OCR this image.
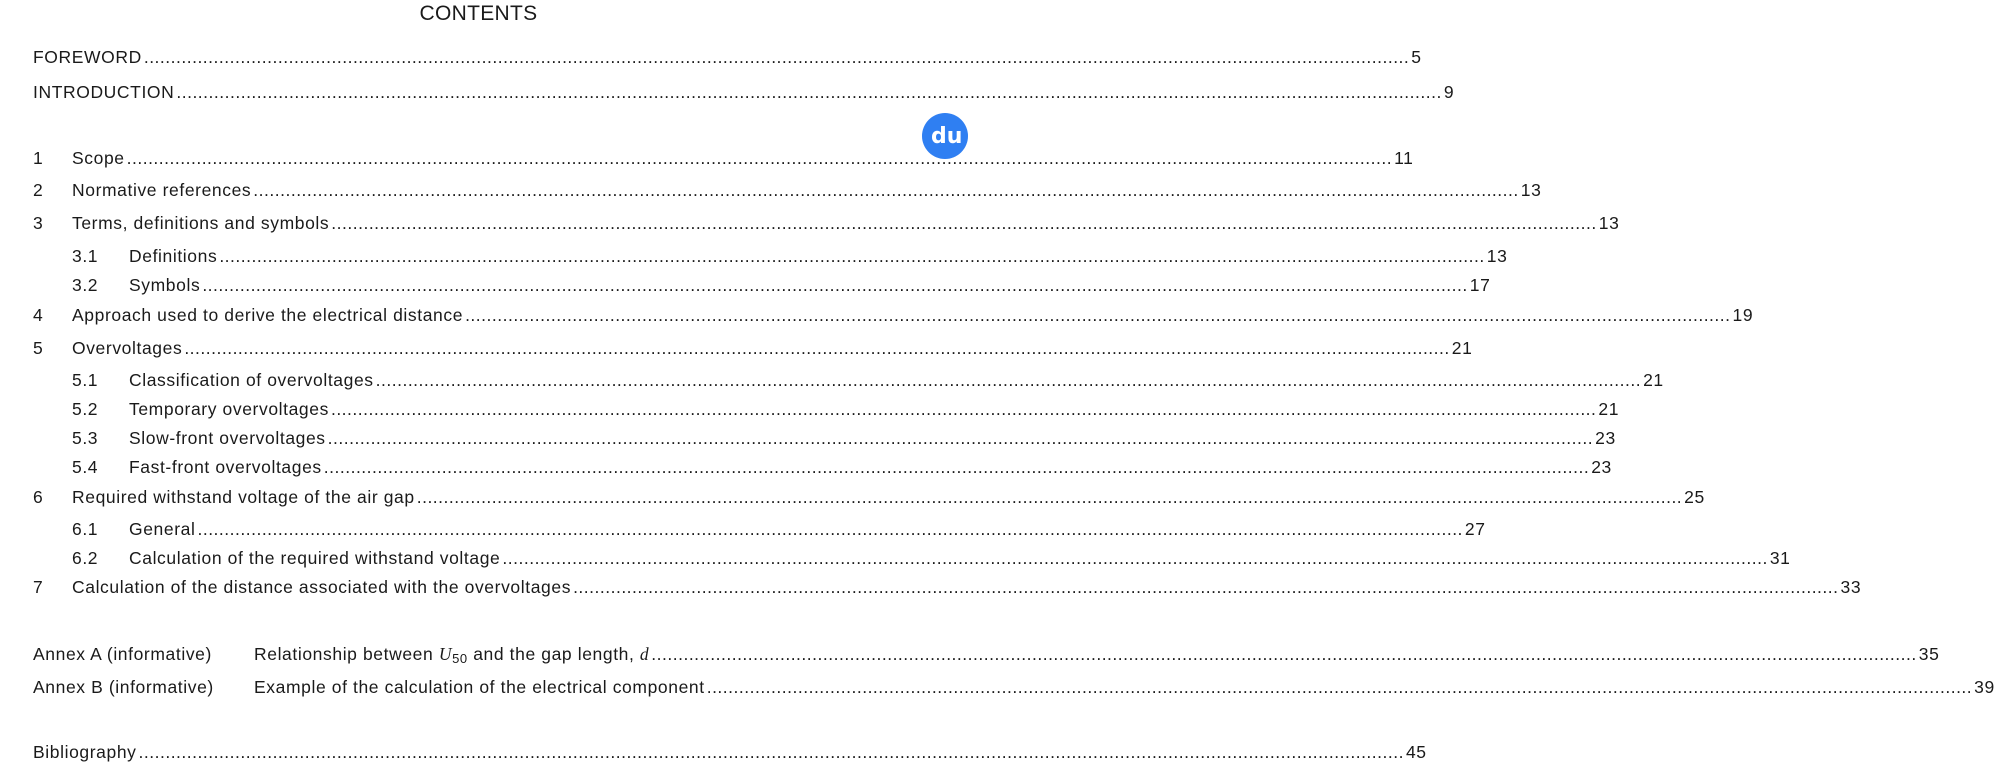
CONTENTS
FOREWORD .....	5
INTRODUCTION .....	9
1	Scope .....	11
2	Normative references .....	13
3	Terms, definitions and symbols .....	13
3.1	Definitions .....	13
3.2	Symbols .....	17
4	Approach used to derive the electrical distance .....	19
5	Overvoltages .....	21
5.1	Classification of overvoltages .....	21
5.2	Temporary overvoltages .....	21
5.3	Slow-front overvoltages .....	23
5.4	Fast-front overvoltages .....	23
6	Required withstand voltage of the air gap .....	25
6.1	General .....	27
6.2	Calculation of the required withstand voltage .....	31
7	Calculation of the distance associated with the overvoltages .....	33
Annex A (informative)	Relationship between U50 and the gap length, d .....	35
Annex B (informative)	Example of the calculation of the electrical component .....	39
Bibliography .....	45
du
